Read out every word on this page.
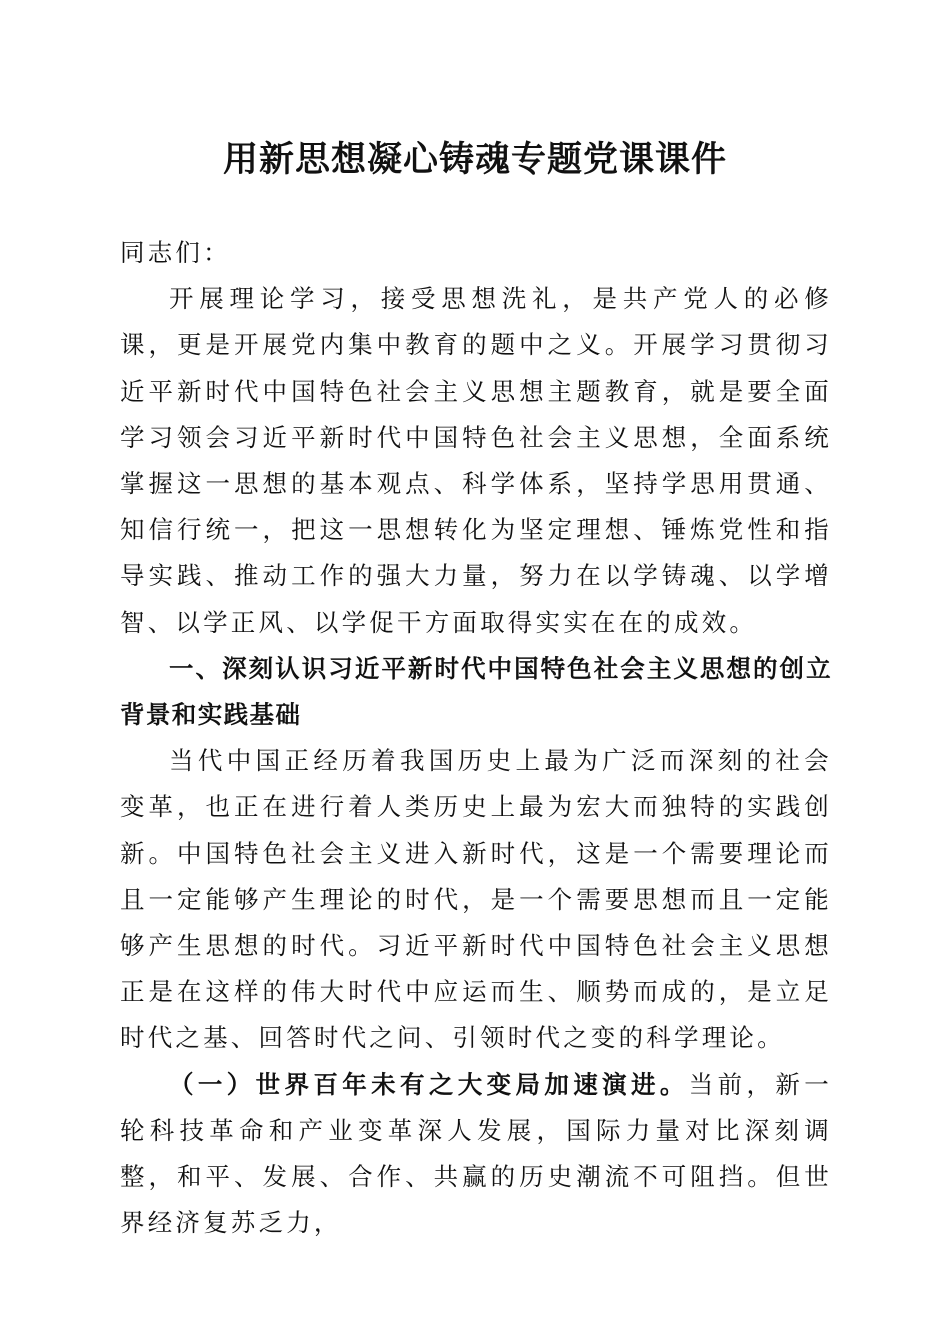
用新思想凝心铸魂专题党课课件

同志们：

开展理论学习，接受思想洗礼，是共产党人的必修课，更是开展党内集中教育的题中之义。开展学习贯彻习近平新时代中国特色社会主义思想主题教育，就是要全面学习领会习近平新时代中国特色社会主义思想，全面系统掌握这一思想的基本观点、科学体系，坚持学思用贯通、知信行统一，把这一思想转化为坚定理想、锤炼党性和指导实践、推动工作的强大力量，努力在以学铸魂、以学增智、以学正风、以学促干方面取得实实在在的成效。

一、深刻认识习近平新时代中国特色社会主义思想的创立背景和实践基础

当代中国正经历着我国历史上最为广泛而深刻的社会变革，也正在进行着人类历史上最为宏大而独特的实践创新。中国特色社会主义进入新时代，这是一个需要理论而且一定能够产生理论的时代，是一个需要思想而且一定能够产生思想的时代。习近平新时代中国特色社会主义思想正是在这样的伟大时代中应运而生、顺势而成的，是立足时代之基、回答时代之问、引领时代之变的科学理论。

（一）世界百年未有之大变局加速演进。当前，新一轮科技革命和产业变革深人发展，国际力量对比深刻调整，和平、发展、合作、共赢的历史潮流不可阻挡。但世界经济复苏乏力，
